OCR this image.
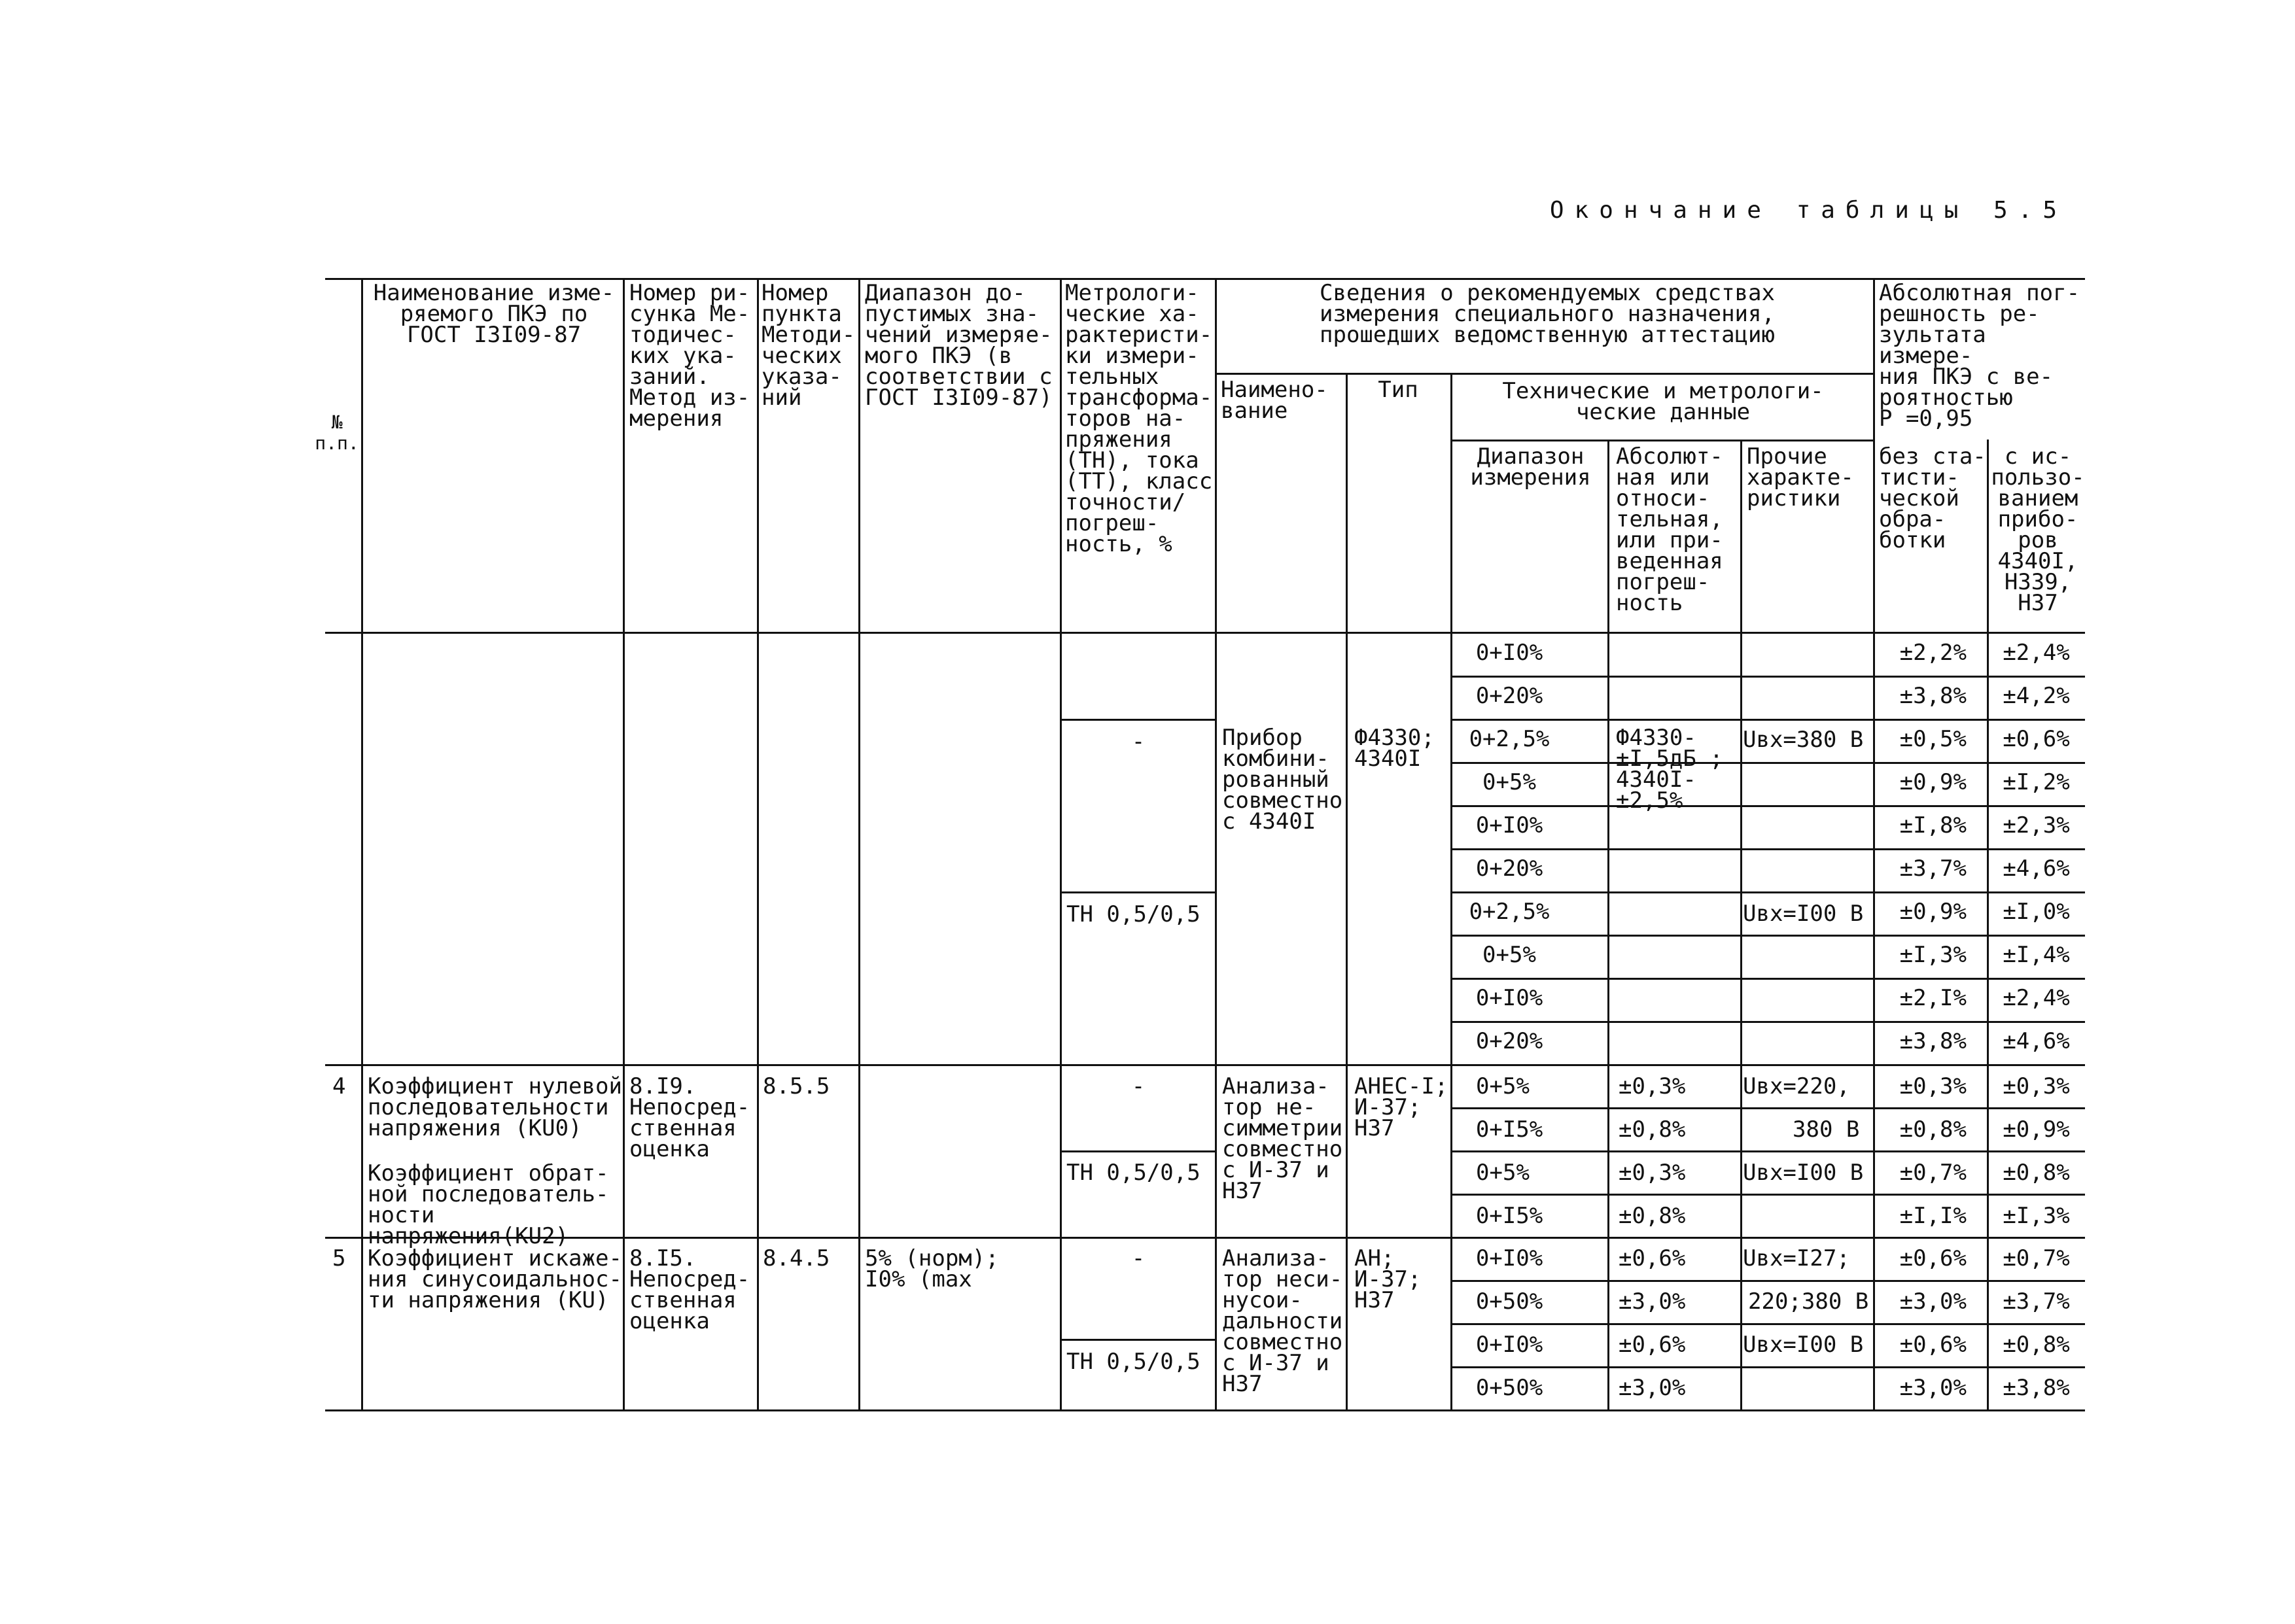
Окончание таблицы 5.5
№
п.п.
Наименование изме-
ряемого ПКЭ по
ГОСТ I3I09-87
Номер ри-
сунка Ме-
тодичес-
ких ука-
заний.
Метод из-
мерения
Номер
пункта
Методи-
ческих
указа-
ний
Диапазон до-
пустимых зна-
чений измеряе-
мого ПКЭ (в
соответствии с
ГОСТ I3I09-87)
Метрологи-
ческие ха-
рактеристи-
ки измери-
тельных
трансформа-
торов на-
пряжения
(ТН), тока
(ТТ), класс
точности/
погреш-
ность, %
Сведения о рекомендуемых средствах
измерения специального назначения,
прошедших ведомственную аттестацию
Наимено-
вание
Тип	Технические и метрологи-
ческие данные
Диапазон
измерения
Абсолют-
ная или
относи-
тельная,
или при-
веденная
погреш-
ность
Прочие
характе-
ристики
Абсолютная пог-
решность ре-
зультата измере-
ния ПКЭ с ве-
роятностью
P =0,95
без ста-
тисти-
ческой
обра-
ботки
с ис-
пользо-
ванием
прибо-
ров
4340I,
Н339,
Н37
-
ТН 0,5/0,5
Прибор
комбини-
рованный
совместно
с 4340I
Ф4330;
4340I
Ф4330-
±I,5дБ ;
4340I-
±2,5%
Uвх=380 В
Uвх=I00 В
0+I0%
0+20%
0+2,5%
0+5%
0+I0%
0+20%
0+2,5%
0+5%
0+I0%
0+20%
±2,2%
±3,8%
±0,5%
±0,9%
±I,8%
±3,7%
±0,9%
±I,3%
±2,I%
±3,8%
±2,4%
±4,2%
±0,6%
±I,2%
±2,3%
±4,6%
±I,0%
±I,4%
±2,4%
±4,6%
4 Коэффициент нулевой
последовательности
напряжения (КU0)
Коэффициент обрат-
ной последователь-
ности напряжения(КU2)
8.I9.
Непосред-
ственная
оценка
8.5.5	-
ТН 0,5/0,5
Анализа-
тор не-
симметрии
совместно
с И-37 и
Н37
АНЕС-I;
И-37;
Н37
0+5%
0+I5%
0+5%
0+I5%
±0,3%
±0,8%
±0,3%
±0,8%
Uвх=220,
380 В
Uвх=I00 В
±0,3%
±0,8%
±0,7%
±I,I%
±0,3%
±0,9%
±0,8%
±I,3%
5 Коэффициент искаже-
ния синусоидальнос-
ти напряжения (КU)
8.I5.
Непосред-
ственная
оценка
8.4.5 5% (норм);
I0% (max
-
ТН 0,5/0,5
Анализа-
тор неси-
нусои-
дальности
совместно
с И-37 и
Н37
АН;
И-37;
Н37
0+I0%
0+50%
0+I0%
0+50%
±0,6%
±3,0%
±0,6%
±3,0%
Uвх=I27;
220;380 В
Uвх=I00 В
±0,6%
±3,0%
±0,6%
±3,0%
±0,7%
±3,7%
±0,8%
±3,8%
